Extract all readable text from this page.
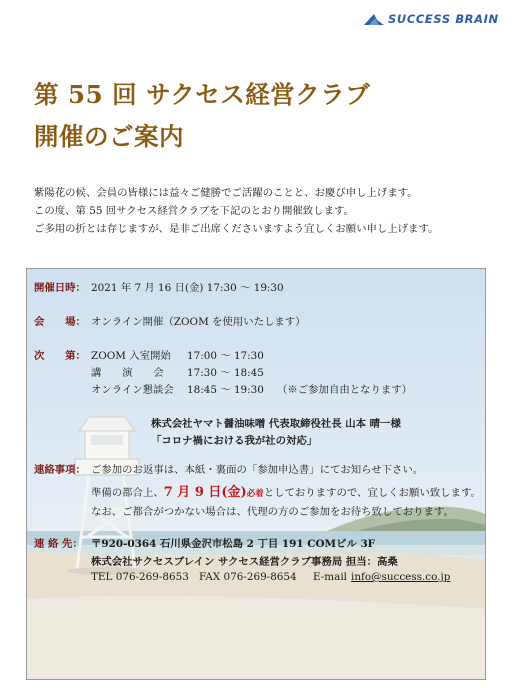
SUCCESS BRAIN
第 55 回 サクセス経営クラブ
開催のご案内
紫陽花の候、会員の皆様には益々ご健勝でご活躍のことと、お慶び申し上げます。
この度、第 55 回サクセス経営クラブを下記のとおり開催致します。
ご多用の折とは存じますが、是非ご出席くださいますよう宜しくお願い申し上げます。
開催日時： 2021 年 7 月 16 日(金) 17:30 ～ 19:30
会　　場： オンライン開催（ZOOM を使用いたします）
次　　第： ZOOM 入室開始 17:00 ～ 17:30
講　　演　　会 17:30 ～ 18:45
オンライン懇談会 18:45 ～ 19:30 （※ご参加自由となります）
株式会社ヤマト醤油味噌 代表取締役社長 山本 晴一様
「コロナ禍における我が社の対応」
連絡事項： ご参加のお返事は、本紙・裏面の「参加申込書」にてお知らせ下さい。
準備の都合上、7 月 9 日(金)必着としておりますので、宜しくお願い致します。
なお、ご都合がつかない場合は、代理の方のご参加をお待ち致しております。
連 絡 先： 〒920-0364 石川県金沢市松島 2 丁目 191 COMビル 3F
株式会社サクセスブレイン サクセス経営クラブ事務局 担当：高桑
TEL 076-269-8653 FAX 076-269-8654 E-mail info@success.co.jp
